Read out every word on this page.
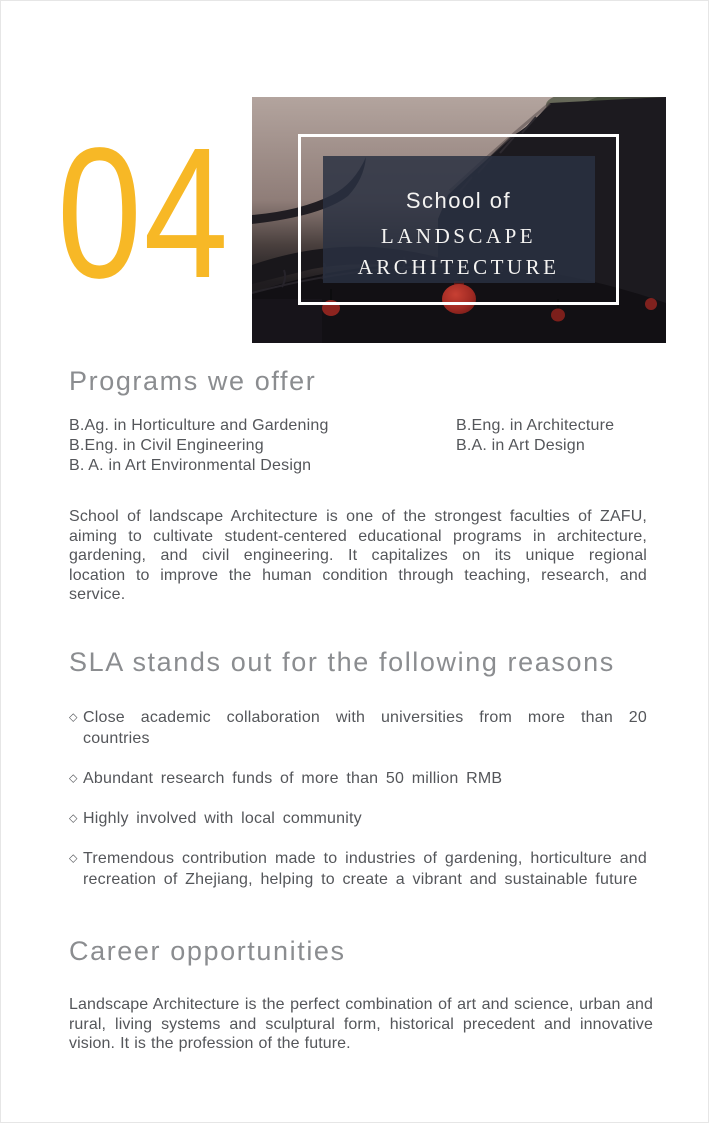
04	School of
LANDSCAPE
ARCHITECTURE
Programs we offer
B.Ag. in Horticulture and Gardening
B.Eng. in Civil Engineering
B. A. in Art Environmental Design
B.Eng. in Architecture
B.A. in Art Design

School of landscape Architecture is one of the strongest faculties of ZAFU, aiming to cultivate student-centered educational programs in architecture, gardening, and civil engineering. It capitalizes on its unique regional location to improve the human condition through teaching, research, and service.

SLA stands out for the following reasons
◇ Close academic collaboration with universities from more than 20 countries
◇ Abundant research funds of more than 50 million RMB
◇ Highly involved with local community
◇ Tremendous contribution made to industries of gardening, horticulture and recreation of Zhejiang, helping to create a vibrant and sustainable future
Career opportunities

Landscape Architecture is the perfect combination of art and science, urban and rural, living systems and sculptural form, historical precedent and innovative vision. It is the profession of the future.
